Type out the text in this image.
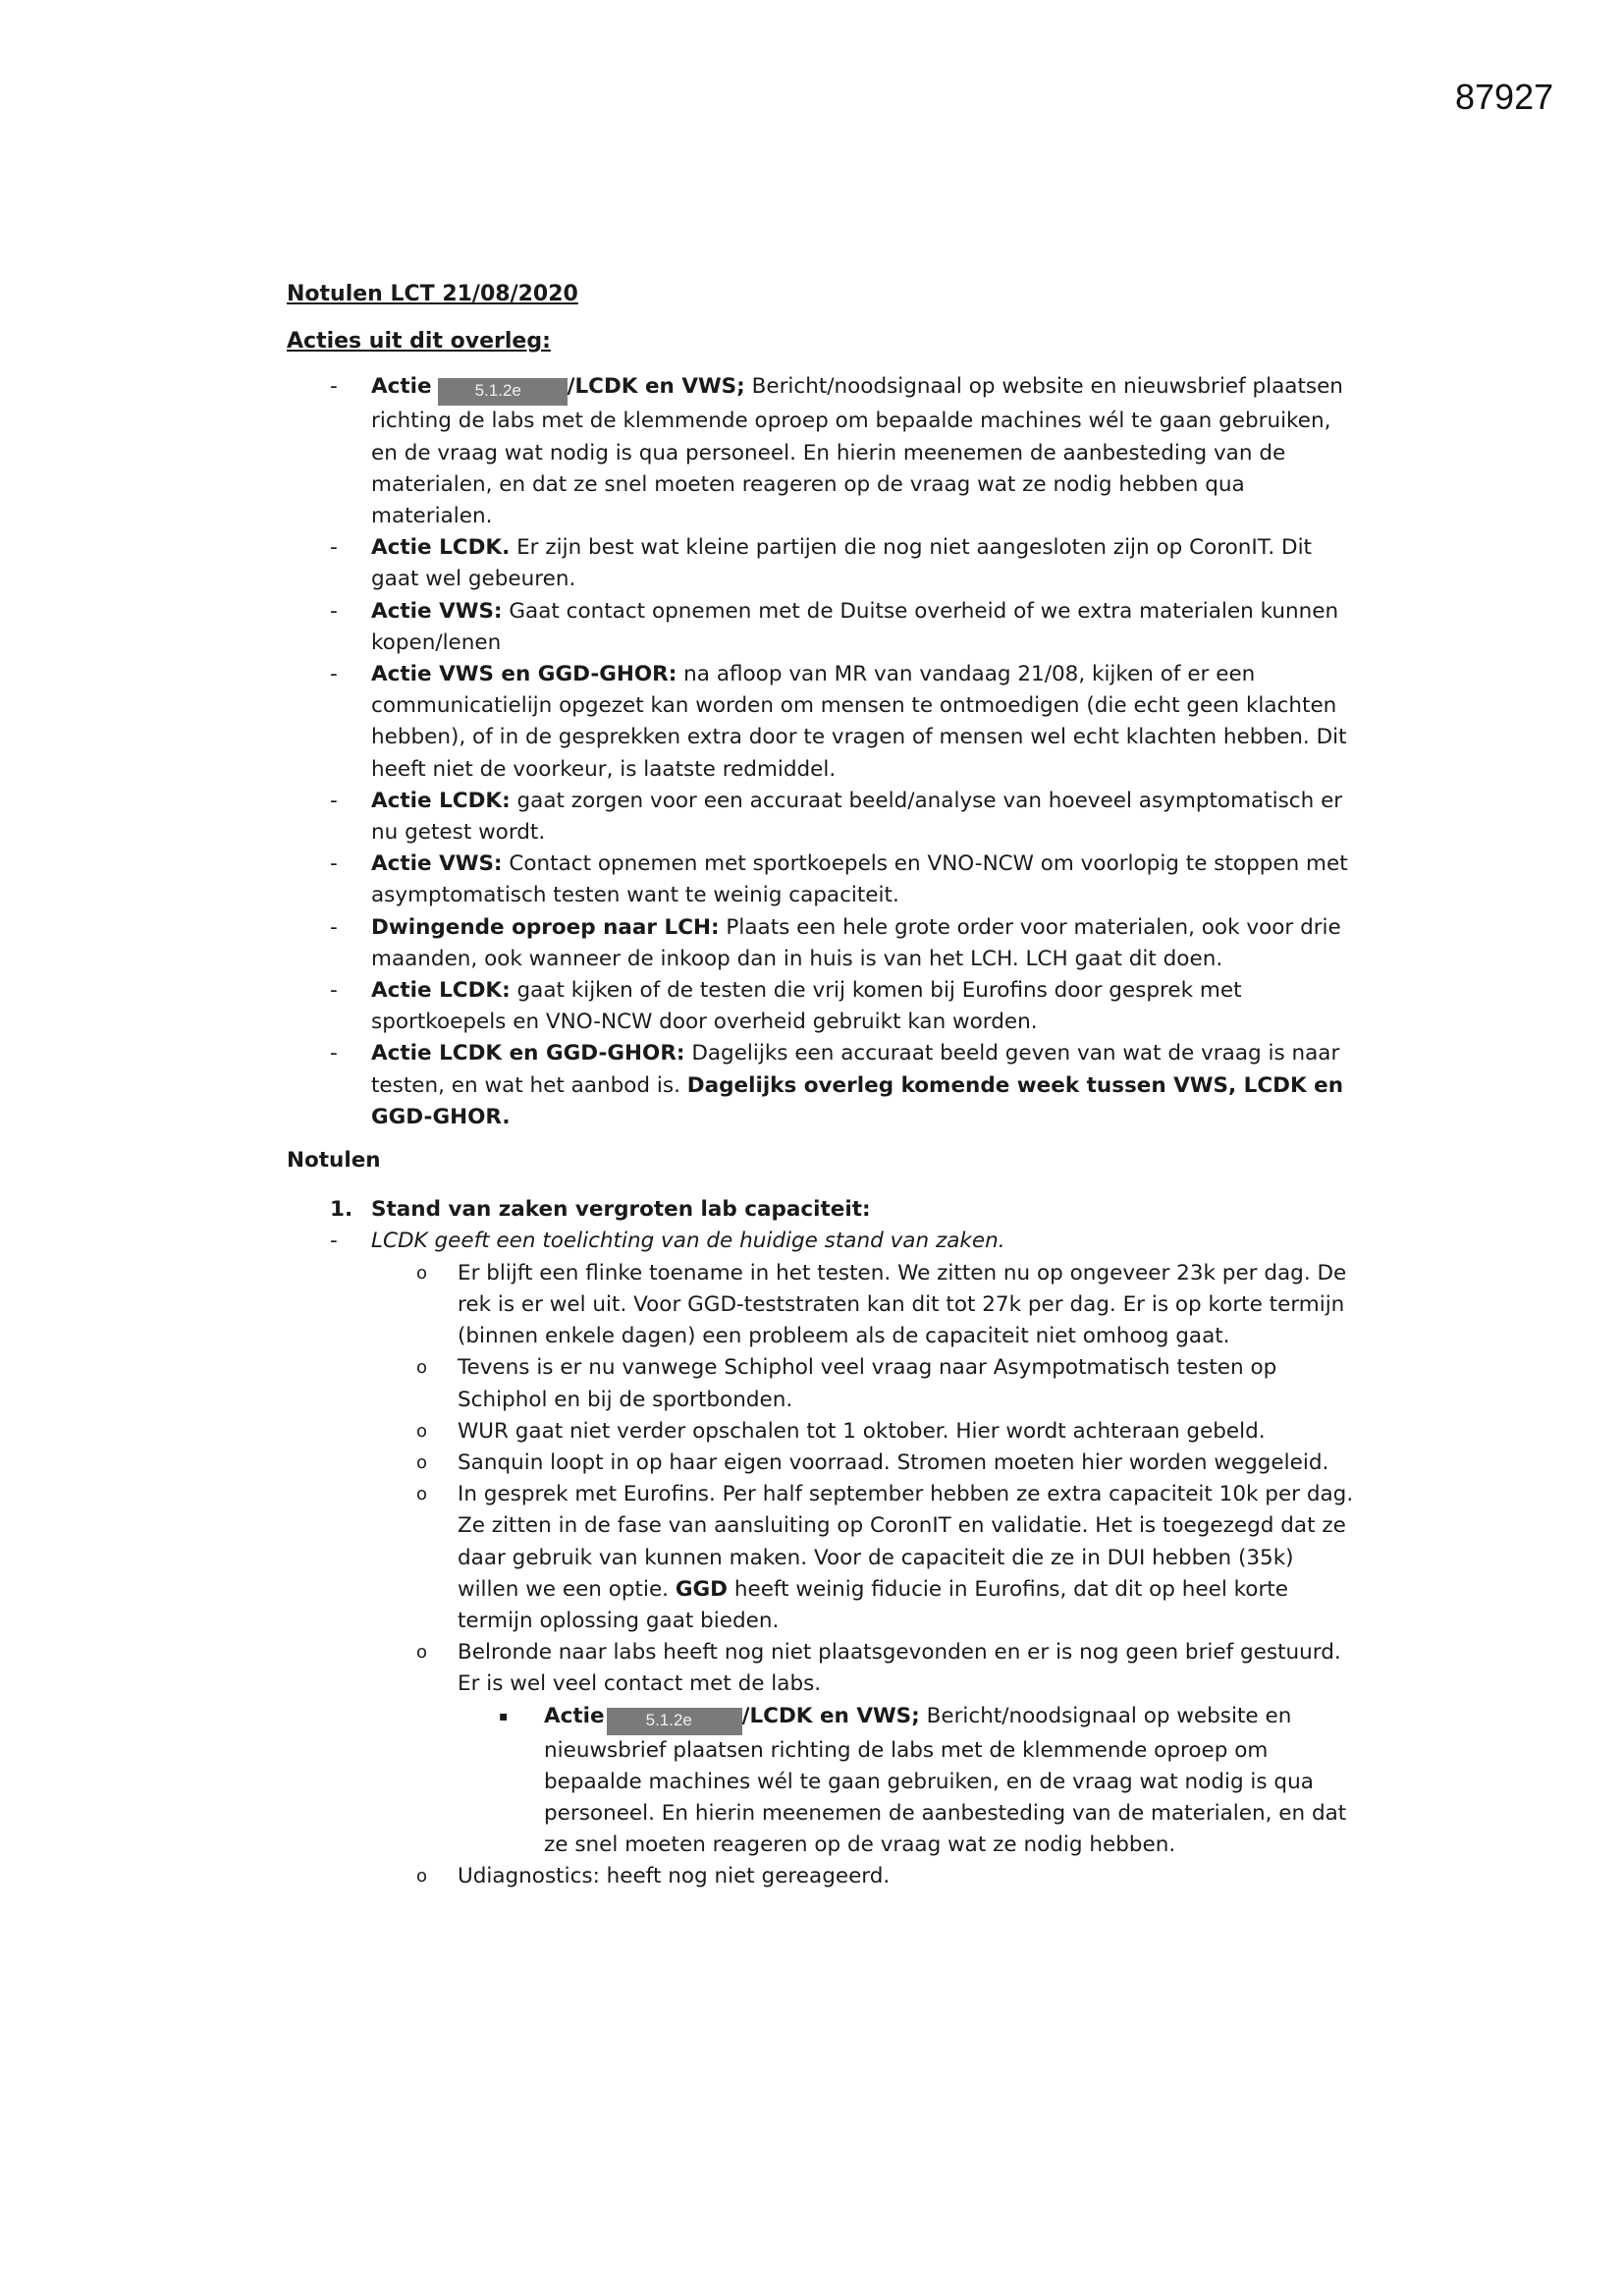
87927

Notulen LCT 21/08/2020

Acties uit dit overleg:

- Actie	5.1.2e /LCDK en VWS; Bericht/noodsignaal op website en nieuwsbrief plaatsen richting de labs met de klemmende oproep om bepaalde machines wél te gaan gebruiken, en de vraag wat nodig is qua personeel. En hierin meenemen de aanbesteding van de materialen, en dat ze snel moeten reageren op de vraag wat ze nodig hebben qua materialen.
- Actie LCDK. Er zijn best wat kleine partijen die nog niet aangesloten zijn op CoronIT. Dit gaat wel gebeuren.
- Actie VWS: Gaat contact opnemen met de Duitse overheid of we extra materialen kunnen kopen/lenen
- Actie VWS en GGD-GHOR: na afloop van MR van vandaag 21/08, kijken of er een communicatielijn opgezet kan worden om mensen te ontmoedigen (die echt geen klachten hebben), of in de gesprekken extra door te vragen of mensen wel echt klachten hebben. Dit heeft niet de voorkeur, is laatste redmiddel.
- Actie LCDK: gaat zorgen voor een accuraat beeld/analyse van hoeveel asymptomatisch er nu getest wordt.
- Actie VWS: Contact opnemen met sportkoepels en VNO-NCW om voorlopig te stoppen met asymptomatisch testen want te weinig capaciteit.
- Dwingende oproep naar LCH: Plaats een hele grote order voor materialen, ook voor drie maanden, ook wanneer de inkoop dan in huis is van het LCH. LCH gaat dit doen.
- Actie LCDK: gaat kijken of de testen die vrij komen bij Eurofins door gesprek met sportkoepels en VNO-NCW door overheid gebruikt kan worden.
- Actie LCDK en GGD-GHOR: Dagelijks een accuraat beeld geven van wat de vraag is naar testen, en wat het aanbod is. Dagelijks overleg komende week tussen VWS, LCDK en GGD-GHOR.

Notulen

1. Stand van zaken vergroten lab capaciteit:

- LCDK geeft een toelichting van de huidige stand van zaken.

o Er blijft een flinke toename in het testen. We zitten nu op ongeveer 23k per dag. De rek is er wel uit. Voor GGD-teststraten kan dit tot 27k per dag. Er is op korte termijn (binnen enkele dagen) een probleem als de capaciteit niet omhoog gaat.
o Tevens is er nu vanwege Schiphol veel vraag naar Asympotmatisch testen op Schiphol en bij de sportbonden.
o WUR gaat niet verder opschalen tot 1 oktober. Hier wordt achteraan gebeld.
o Sanquin loopt in op haar eigen voorraad. Stromen moeten hier worden weggeleid.
o In gesprek met Eurofins. Per half september hebben ze extra capaciteit 10k per dag. Ze zitten in de fase van aansluiting op CoronIT en validatie. Het is toegezegd dat ze daar gebruik van kunnen maken. Voor de capaciteit die ze in DUI hebben (35k) willen we een optie. GGD heeft weinig fiducie in Eurofins, dat dit op heel korte termijn oplossing gaat bieden.
o Belronde naar labs heeft nog niet plaatsgevonden en er is nog geen brief gestuurd. Er is wel veel contact met de labs.
▪ Actie 5.1.2e /LCDK en VWS; Bericht/noodsignaal op website en nieuwsbrief plaatsen richting de labs met de klemmende oproep om bepaalde machines wél te gaan gebruiken, en de vraag wat nodig is qua personeel. En hierin meenemen de aanbesteding van de materialen, en dat ze snel moeten reageren op de vraag wat ze nodig hebben.
o Udiagnostics: heeft nog niet gereageerd.
